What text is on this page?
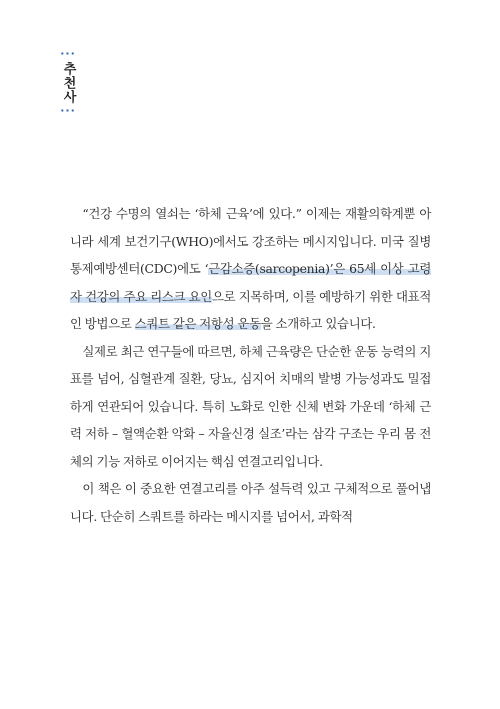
···
추천사
···

“건강 수명의 열쇠는 ‘하체 근육’에 있다.” 이제는 재활의학계뿐 아니라 세계 보건기구(WHO)에서도 강조하는 메시지입니다. 미국 질병통제예방센터(CDC)에도 ‘근감소증(sarcopenia)’은 65세 이상 고령자 건강의 주요 리스크 요인으로 지목하며, 이를 예방하기 위한 대표적인 방법으로 스쿼트 같은 저항성 운동을 소개하고 있습니다.

실제로 최근 연구들에 따르면, 하체 근육량은 단순한 운동 능력의 지표를 넘어, 심혈관계 질환, 당뇨, 심지어 치매의 발병 가능성과도 밀접하게 연관되어 있습니다. 특히 노화로 인한 신체 변화 가운데 ‘하체 근력 저하 – 혈액순환 악화 – 자율신경 실조’라는 삼각 구조는 우리 몸 전체의 기능 저하로 이어지는 핵심 연결고리입니다.

이 책은 이 중요한 연결고리를 아주 설득력 있고 구체적으로 풀어냅니다. 단순히 스쿼트를 하라는 메시지를 넘어서, 과학적
